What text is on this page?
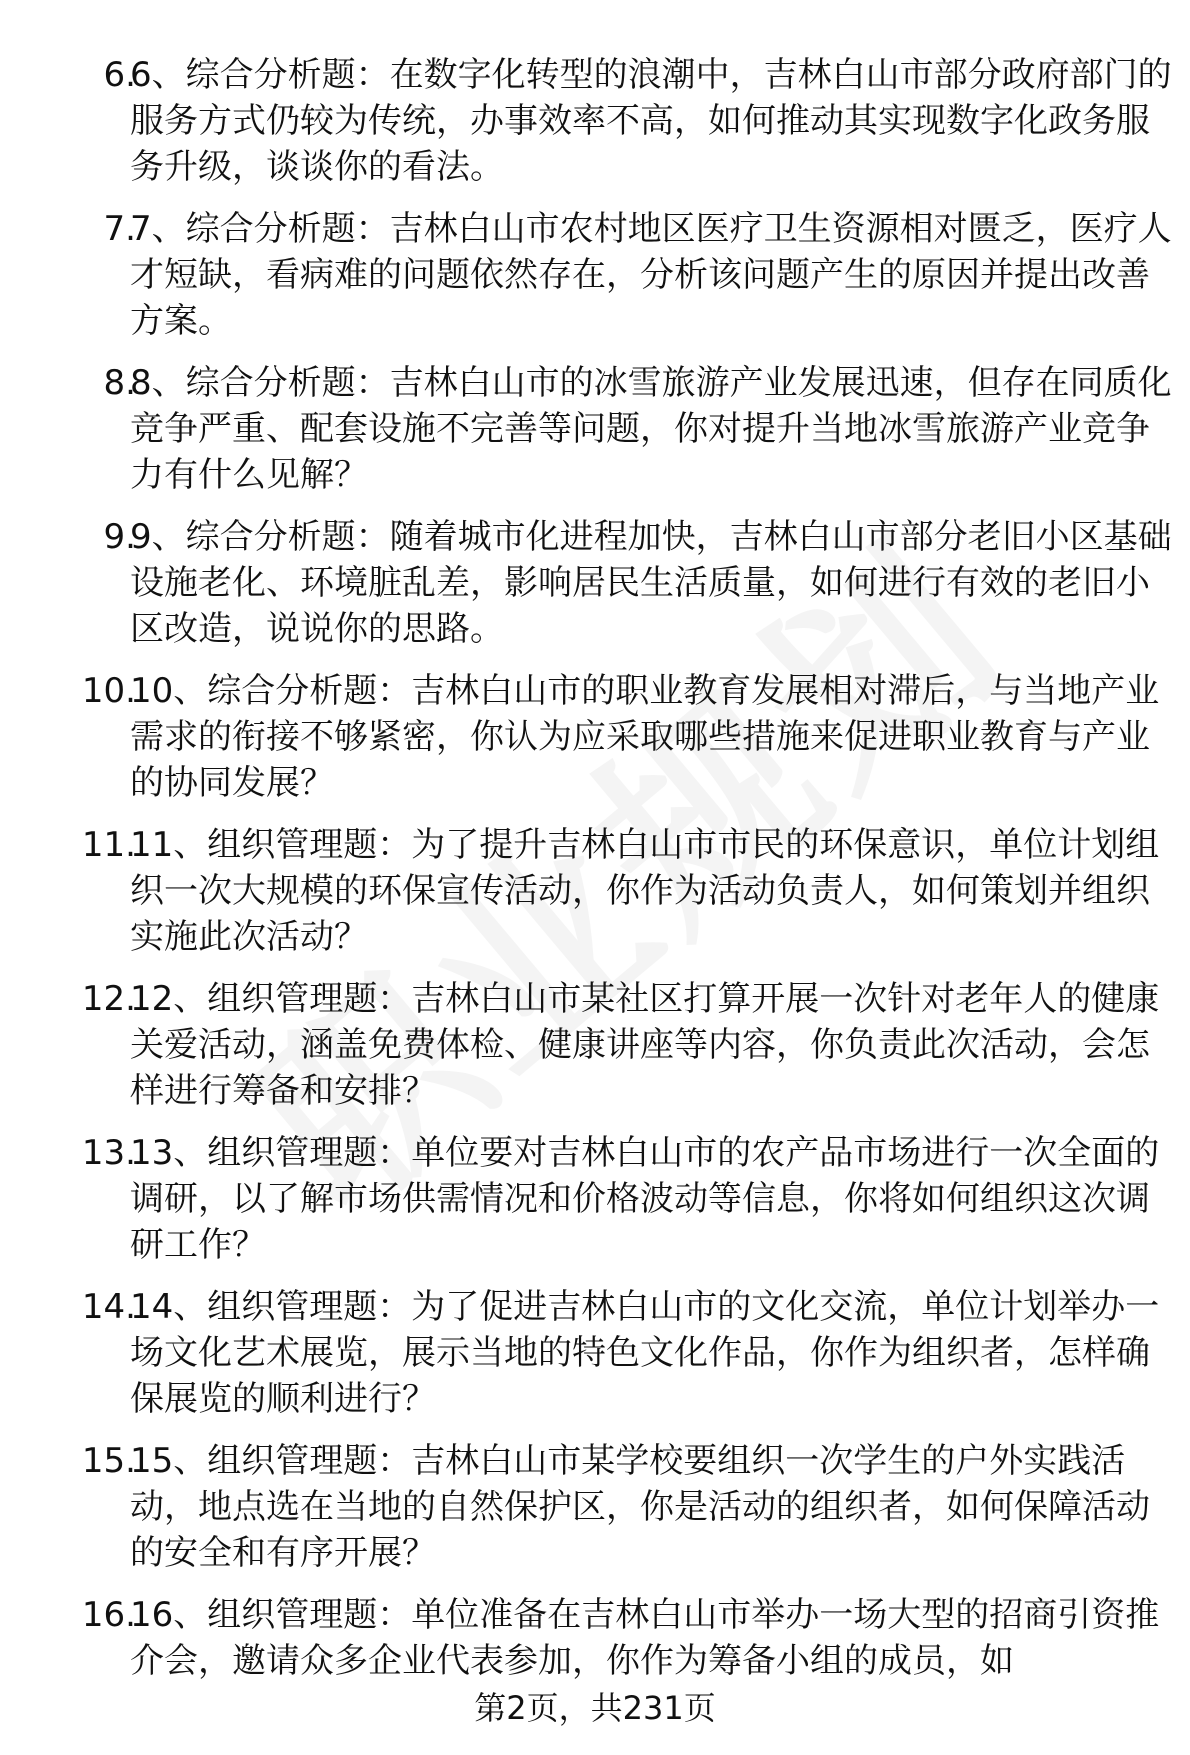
6.

6、综合分析题：在数字化转型的浪潮中，吉林白山市部分政府部门的服务方式仍较为传统，办事效率不高，如何推动其实现数字化政务服务升级，谈谈你的看法。

7.

7、综合分析题：吉林白山市农村地区医疗卫生资源相对匮乏，医疗人才短缺，看病难的问题依然存在，分析该问题产生的原因并提出改善方案。

8.

8、综合分析题：吉林白山市的冰雪旅游产业发展迅速，但存在同质化竞争严重、配套设施不完善等问题，你对提升当地冰雪旅游产业竞争力有什么见解？

9.

9、综合分析题：随着城市化进程加快，吉林白山市部分老旧小区基础设施老化、环境脏乱差，影响居民生活质量，如何进行有效的老旧小区改造，说说你的思路。

10.

10、综合分析题：吉林白山市的职业教育发展相对滞后，与当地产业需求的衔接不够紧密，你认为应采取哪些措施来促进职业教育与产业的协同发展？

11.

11、组织管理题：为了提升吉林白山市市民的环保意识，单位计划组织一次大规模的环保宣传活动，你作为活动负责人，如何策划并组织实施此次活动？

12.

12、组织管理题：吉林白山市某社区打算开展一次针对老年人的健康关爱活动，涵盖免费体检、健康讲座等内容，你负责此次活动，会怎样进行筹备和安排？

13.

13、组织管理题：单位要对吉林白山市的农产品市场进行一次全面的调研，以了解市场供需情况和价格波动等信息，你将如何组织这次调研工作？

14.

14、组织管理题：为了促进吉林白山市的文化交流，单位计划举办一场文化艺术展览，展示当地的特色文化作品，你作为组织者，怎样确保展览的顺利进行？

15.

15、组织管理题：吉林白山市某学校要组织一次学生的户外实践活动，地点选在当地的自然保护区，你是活动的组织者，如何保障活动的安全和有序开展？

16.

16、组织管理题：单位准备在吉林白山市举办一场大型的招商引资推介会，邀请众多企业代表参加，你作为筹备小组的成员，如

第2页，共231页
